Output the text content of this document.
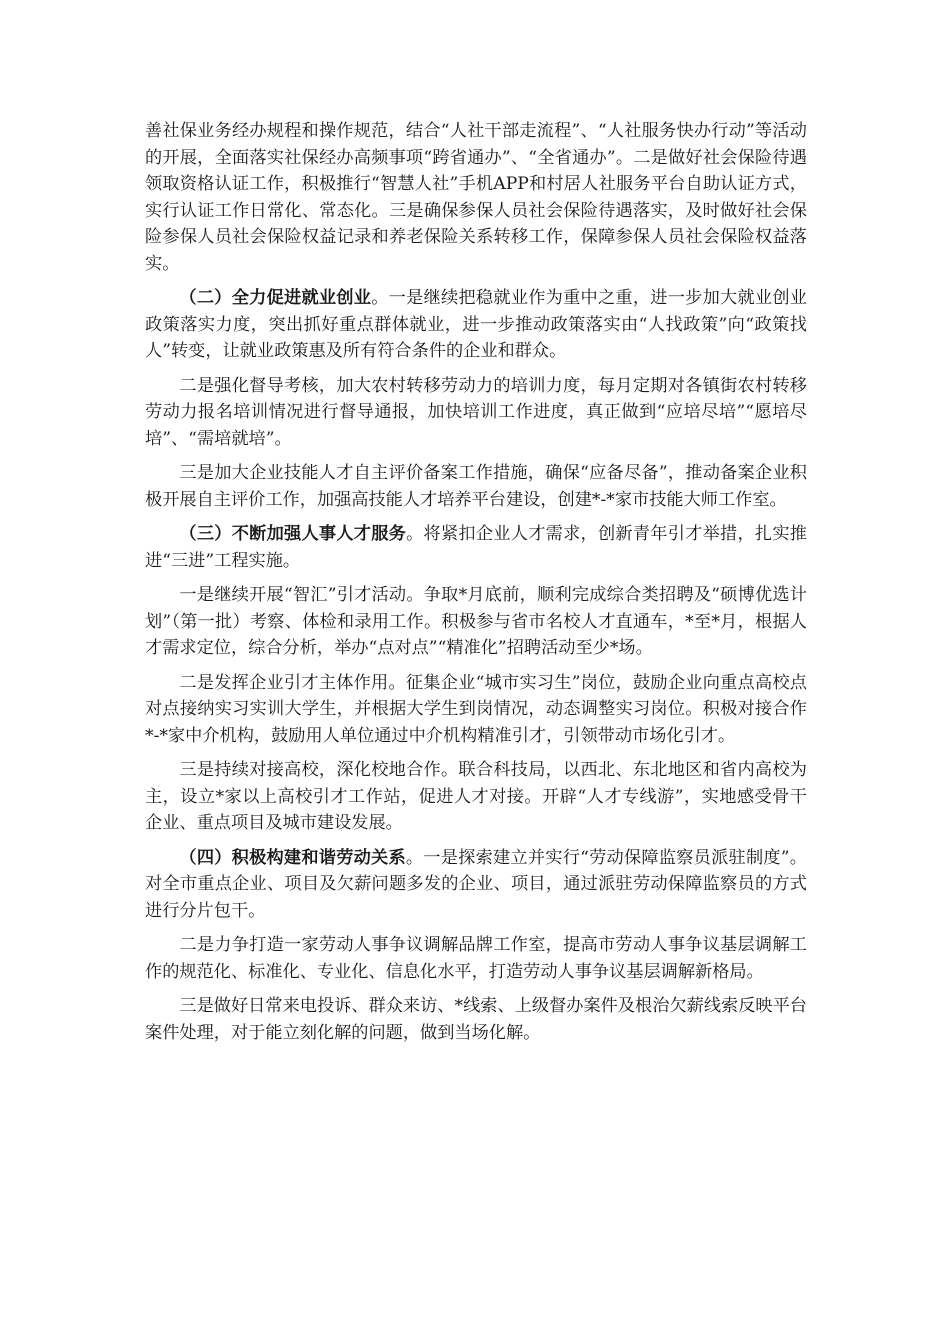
善社保业务经办规程和操作规范，结合“人社干部走流程”、“人社服务快办行动”等活动的开展，全面落实社保经办高频事项“跨省通办”、“全省通办”。二是做好社会保险待遇领取资格认证工作，积极推行“智慧人社”手机APP和村居人社服务平台自助认证方式，实行认证工作日常化、常态化。三是确保参保人员社会保险待遇落实，及时做好社会保险参保人员社会保险权益记录和养老保险关系转移工作，保障参保人员社会保险权益落实。

（二）全力促进就业创业。一是继续把稳就业作为重中之重，进一步加大就业创业政策落实力度，突出抓好重点群体就业，进一步推动政策落实由“人找政策”向“政策找人”转变，让就业政策惠及所有符合条件的企业和群众。

二是强化督导考核，加大农村转移劳动力的培训力度，每月定期对各镇街农村转移劳动力报名培训情况进行督导通报，加快培训工作进度，真正做到“应培尽培”“愿培尽培”、“需培就培”。

三是加大企业技能人才自主评价备案工作措施，确保“应备尽备”，推动备案企业积极开展自主评价工作，加强高技能人才培养平台建设，创建*-*家市技能大师工作室。

（三）不断加强人事人才服务。将紧扣企业人才需求，创新青年引才举措，扎实推进“三进”工程实施。

一是继续开展“智汇”引才活动。争取*月底前，顺利完成综合类招聘及“硕博优选计划”（第一批）考察、体检和录用工作。积极参与省市名校人才直通车，*至*月，根据人才需求定位，综合分析，举办“点对点”“精准化”招聘活动至少*场。

二是发挥企业引才主体作用。征集企业“城市实习生”岗位，鼓励企业向重点高校点对点接纳实习实训大学生，并根据大学生到岗情况，动态调整实习岗位。积极对接合作*-*家中介机构，鼓励用人单位通过中介机构精准引才，引领带动市场化引才。

三是持续对接高校，深化校地合作。联合科技局，以西北、东北地区和省内高校为主，设立*家以上高校引才工作站，促进人才对接。开辟“人才专线游”，实地感受骨干企业、重点项目及城市建设发展。

（四）积极构建和谐劳动关系。一是探索建立并实行“劳动保障监察员派驻制度”。对全市重点企业、项目及欠薪问题多发的企业、项目，通过派驻劳动保障监察员的方式进行分片包干。

二是力争打造一家劳动人事争议调解品牌工作室，提高市劳动人事争议基层调解工作的规范化、标准化、专业化、信息化水平，打造劳动人事争议基层调解新格局。

三是做好日常来电投诉、群众来访、*线索、上级督办案件及根治欠薪线索反映平台案件处理，对于能立刻化解的问题，做到当场化解。
